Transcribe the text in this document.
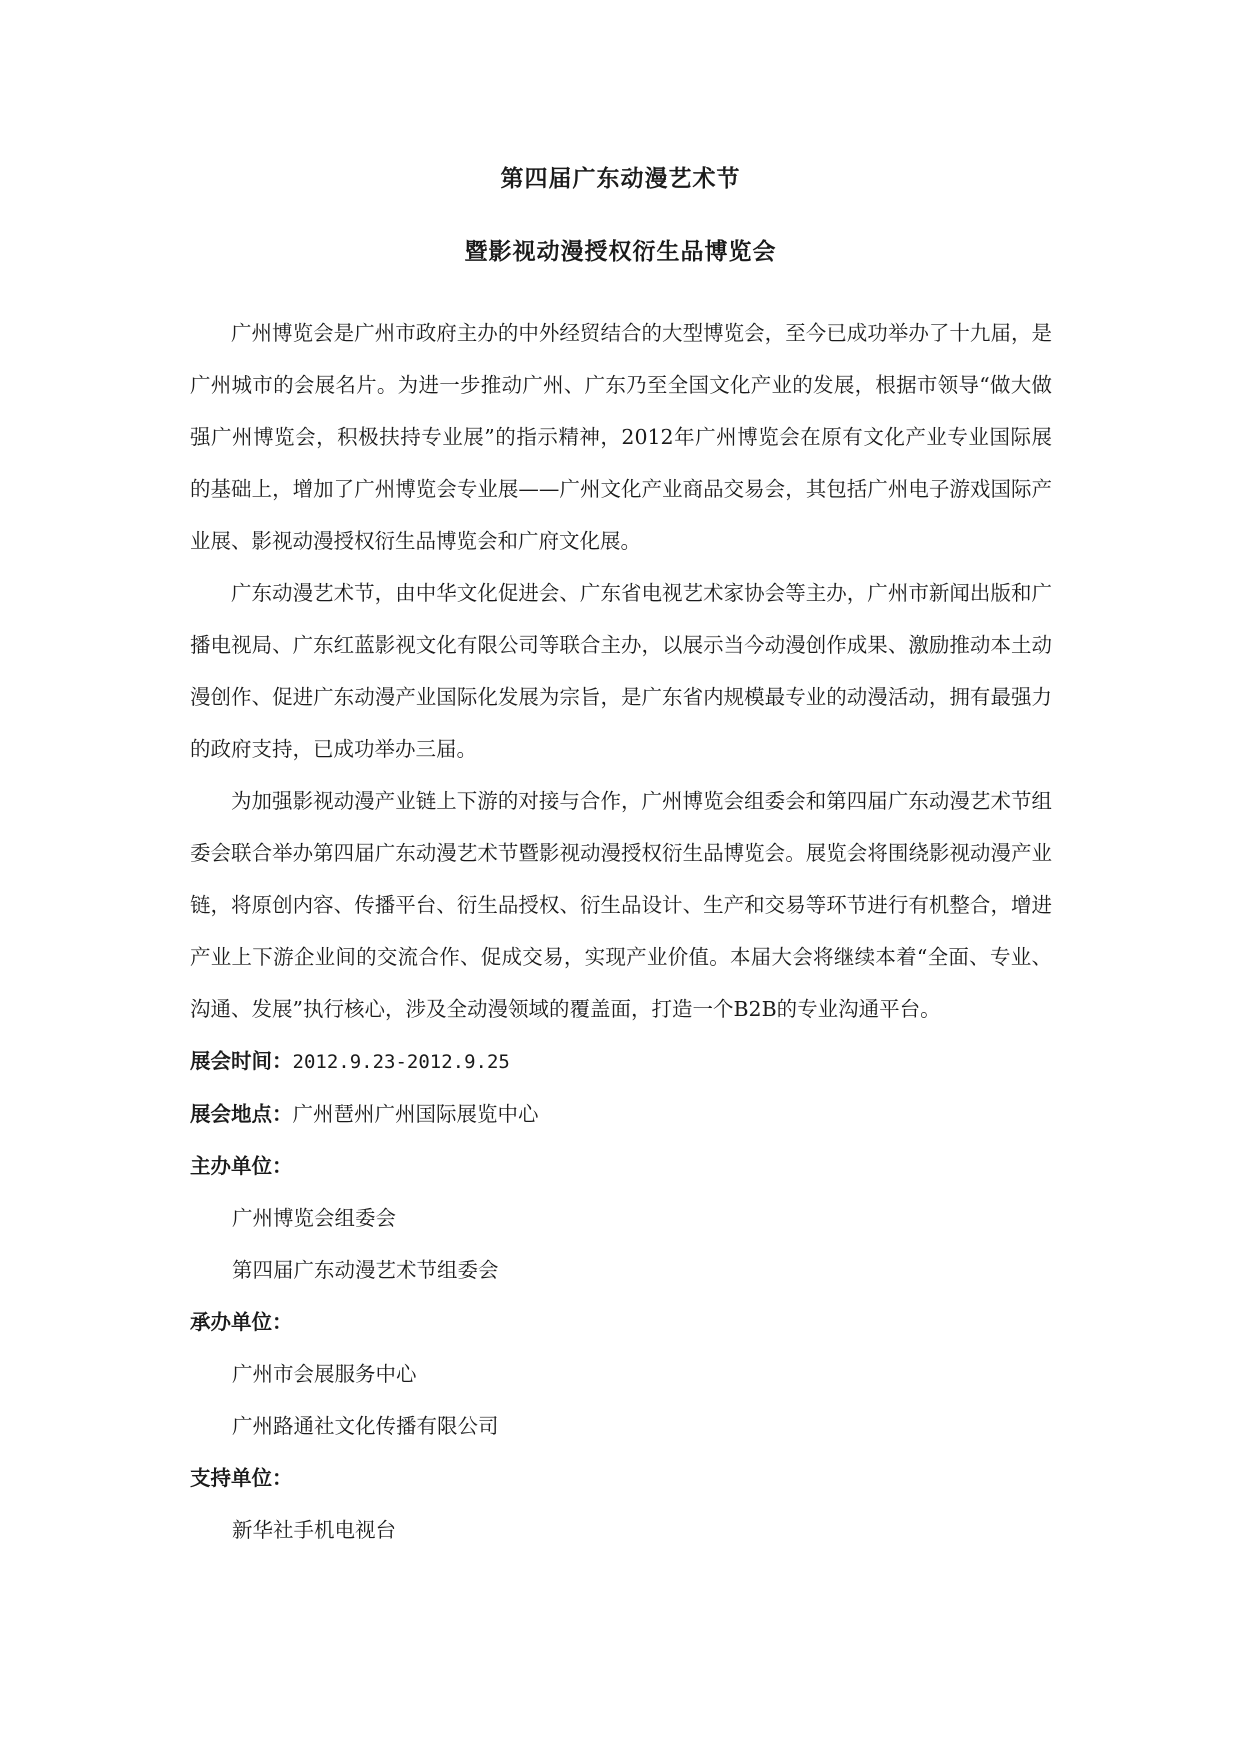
第四届广东动漫艺术节
暨影视动漫授权衍生品博览会

广州博览会是广州市政府主办的中外经贸结合的大型博览会，至今已成功举办了十九届，是广州城市的会展名片。为进一步推动广州、广东乃至全国文化产业的发展，根据市领导“做大做强广州博览会，积极扶持专业展”的指示精神，2012年广州博览会在原有文化产业专业国际展的基础上，增加了广州博览会专业展——广州文化产业商品交易会，其包括广州电子游戏国际产业展、影视动漫授权衍生品博览会和广府文化展。

广东动漫艺术节，由中华文化促进会、广东省电视艺术家协会等主办，广州市新闻出版和广播电视局、广东红蓝影视文化有限公司等联合主办，以展示当今动漫创作成果、激励推动本土动漫创作、促进广东动漫产业国际化发展为宗旨，是广东省内规模最专业的动漫活动，拥有最强力的政府支持，已成功举办三届。

为加强影视动漫产业链上下游的对接与合作，广州博览会组委会和第四届广东动漫艺术节组委会联合举办第四届广东动漫艺术节暨影视动漫授权衍生品博览会。展览会将围绕影视动漫产业链，将原创内容、传播平台、衍生品授权、衍生品设计、生产和交易等环节进行有机整合，增进产业上下游企业间的交流合作、促成交易，实现产业价值。本届大会将继续本着“全面、专业、沟通、发展”执行核心，涉及全动漫领域的覆盖面，打造一个B2B的专业沟通平台。

展会时间：2012.9.23-2012.9.25

展会地点：广州琶州广州国际展览中心

主办单位：

广州博览会组委会

第四届广东动漫艺术节组委会

承办单位：

广州市会展服务中心

广州路通社文化传播有限公司

支持单位：

新华社手机电视台
